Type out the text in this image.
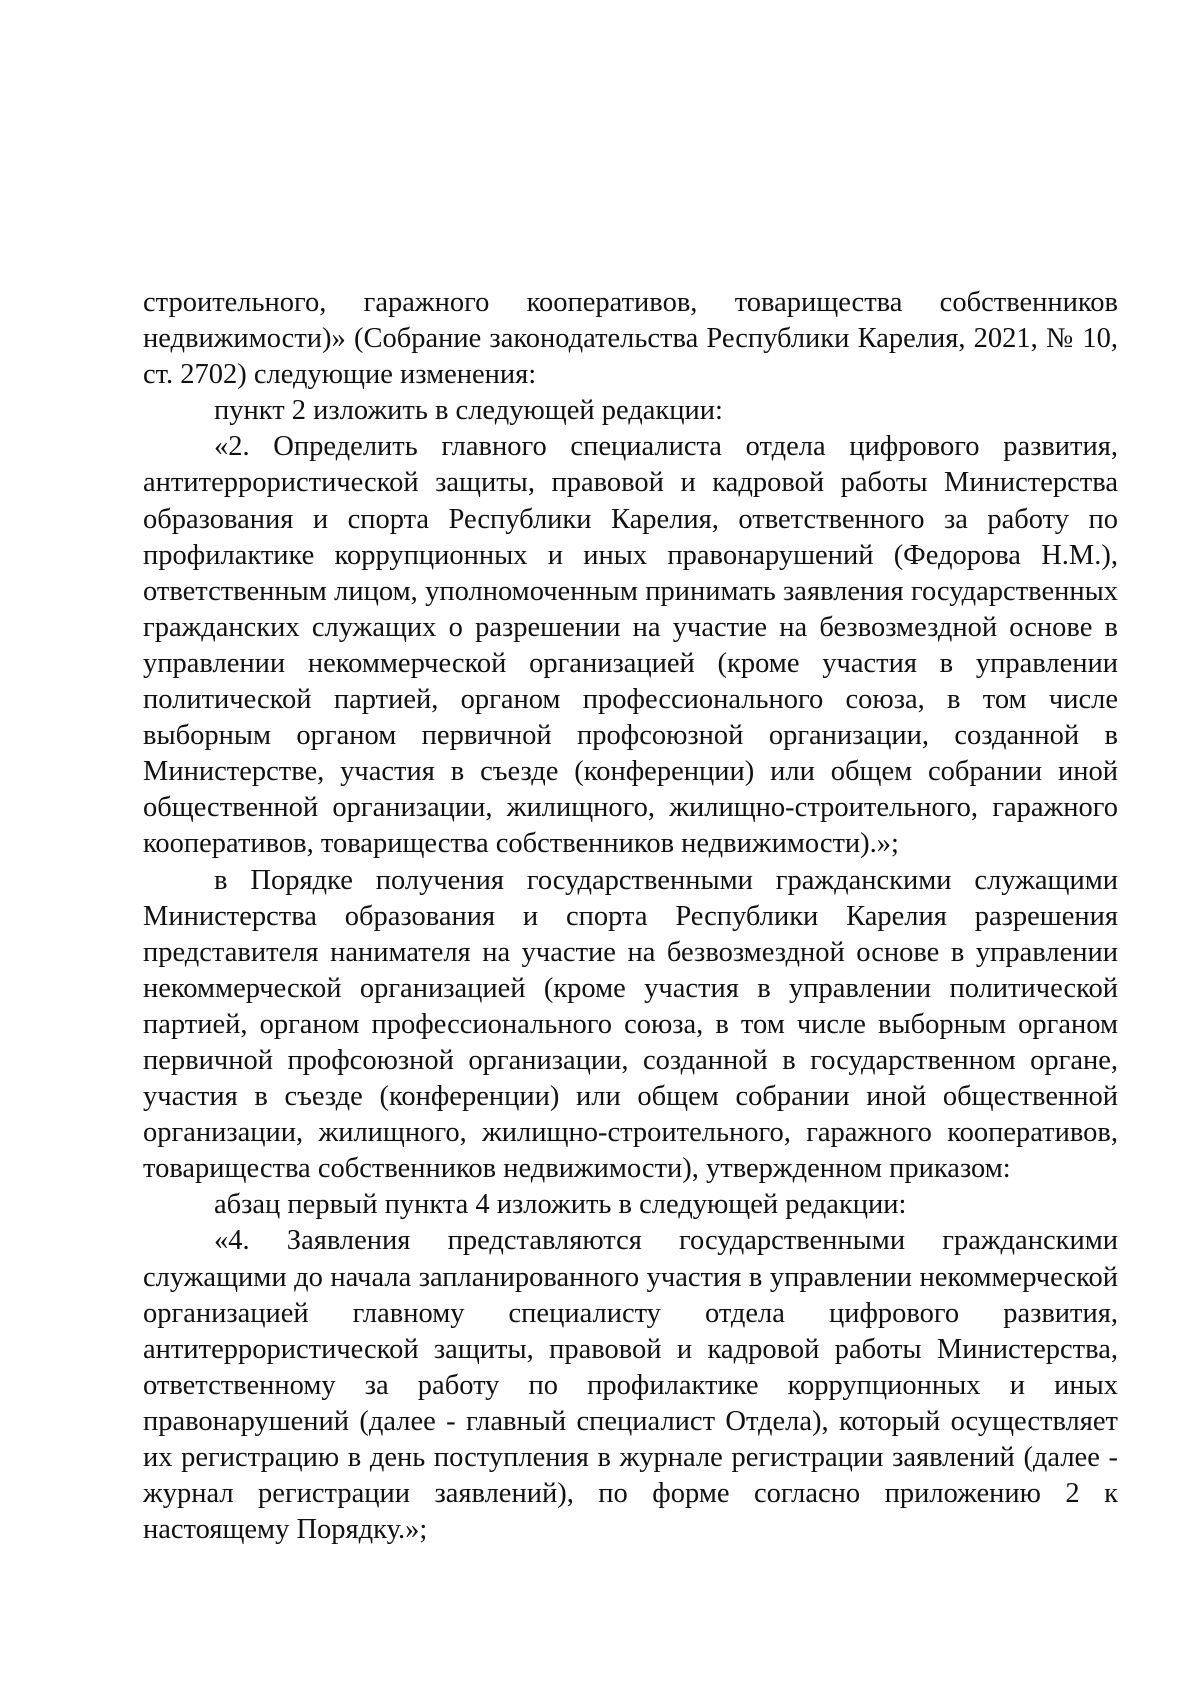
строительного, гаражного кооперативов, товарищества собственников недвижимости)» (Собрание законодательства Республики Карелия, 2021, № 10, ст. 2702) следующие изменения:

пункт 2 изложить в следующей редакции:

«2. Определить главного специалиста отдела цифрового развития, антитеррористической защиты, правовой и кадровой работы Министерства образования и спорта Республики Карелия, ответственного за работу по профилактике коррупционных и иных правонарушений (Федорова Н.М.), ответственным лицом, уполномоченным принимать заявления государственных гражданских служащих о разрешении на участие на безвозмездной основе в управлении некоммерческой организацией (кроме участия в управлении политической партией, органом профессионального союза, в том числе выборным органом первичной профсоюзной организации, созданной в Министерстве, участия в съезде (конференции) или общем собрании иной общественной организации, жилищного, жилищно-строительного, гаражного кооперативов, товарищества собственников недвижимости).»;

в Порядке получения государственными гражданскими служащими Министерства образования и спорта Республики Карелия разрешения представителя нанимателя на участие на безвозмездной основе в управлении некоммерческой организацией (кроме участия в управлении политической партией, органом профессионального союза, в том числе выборным органом первичной профсоюзной организации, созданной в государственном органе, участия в съезде (конференции) или общем собрании иной общественной организации, жилищного, жилищно-строительного, гаражного кооперативов, товарищества собственников недвижимости), утвержденном приказом:

абзац первый пункта 4 изложить в следующей редакции:

«4. Заявления представляются государственными гражданскими служащими до начала запланированного участия в управлении некоммерческой организацией главному специалисту отдела цифрового развития, антитеррористической защиты, правовой и кадровой работы Министерства, ответственному за работу по профилактике коррупционных и иных правонарушений (далее - главный специалист Отдела), который осуществляет их регистрацию в день поступления в журнале регистрации заявлений (далее - журнал регистрации заявлений), по форме согласно приложению 2 к настоящему Порядку.»;
